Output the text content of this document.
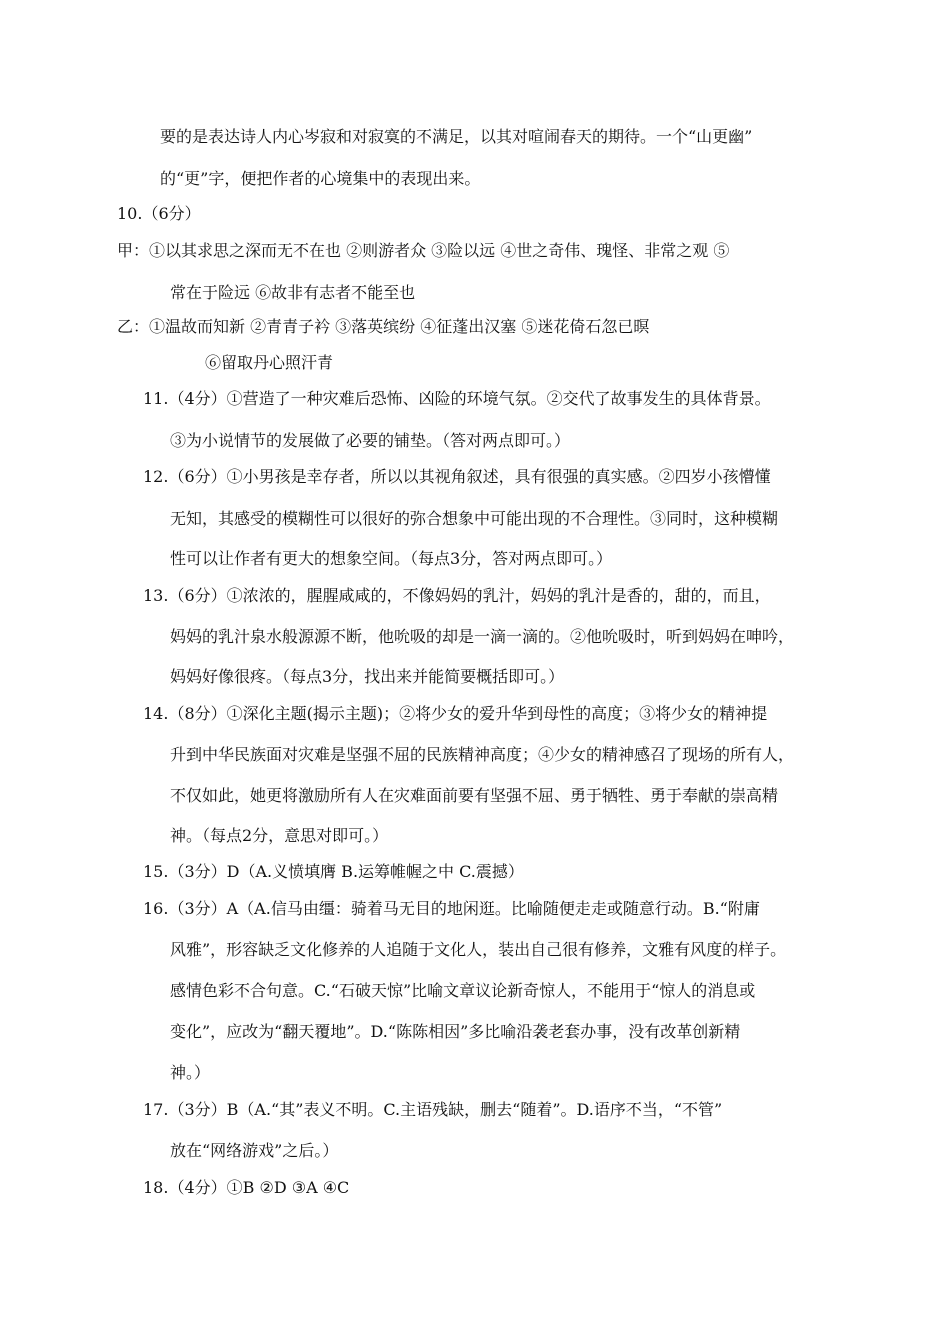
要的是表达诗人内心岑寂和对寂寞的不满足，以其对喧闹春天的期待。一个“山更幽”
的“更”字，便把作者的心境集中的表现出来。
10.（6分）
甲：①以其求思之深而无不在也 ②则游者众 ③险以远 ④世之奇伟、瑰怪、非常之观 ⑤
常在于险远 ⑥故非有志者不能至也
乙：①温故而知新 ②青青子衿 ③落英缤纷 ④征蓬出汉塞 ⑤迷花倚石忽已暝
⑥留取丹心照汗青
11.（4分）①营造了一种灾难后恐怖、凶险的环境气氛。②交代了故事发生的具体背景。
③为小说情节的发展做了必要的铺垫。（答对两点即可。）
12.（6分）①小男孩是幸存者，所以以其视角叙述，具有很强的真实感。②四岁小孩懵懂
无知，其感受的模糊性可以很好的弥合想象中可能出现的不合理性。③同时，这种模糊
性可以让作者有更大的想象空间。（每点3分，答对两点即可。）
13.（6分）①浓浓的，腥腥咸咸的，不像妈妈的乳汁，妈妈的乳汁是香的，甜的，而且，
妈妈的乳汁泉水般源源不断，他吮吸的却是一滴一滴的。②他吮吸时，听到妈妈在呻吟，
妈妈好像很疼。（每点3分，找出来并能简要概括即可。）
14.（8分）①深化主题(揭示主题)；②将少女的爱升华到母性的高度；③将少女的精神提
升到中华民族面对灾难是坚强不屈的民族精神高度；④少女的精神感召了现场的所有人，
不仅如此，她更将激励所有人在灾难面前要有坚强不屈、勇于牺牲、勇于奉献的崇高精
神。（每点2分，意思对即可。）
15.（3分）D（A.义愤填膺 B.运筹帷幄之中 C.震撼）
16.（3分）A（A.信马由缰：骑着马无目的地闲逛。比喻随便走走或随意行动。B.“附庸
风雅”，形容缺乏文化修养的人追随于文化人，装出自己很有修养，文雅有风度的样子。
感情色彩不合句意。C.“石破天惊”比喻文章议论新奇惊人，不能用于“惊人的消息或
变化”，应改为“翻天覆地”。D.“陈陈相因”多比喻沿袭老套办事，没有改革创新精
神。）
17.（3分）B（A.“其”表义不明。C.主语残缺，删去“随着”。D.语序不当，“不管”
放在“网络游戏”之后。）
18.（4分）①B ②D ③A ④C
